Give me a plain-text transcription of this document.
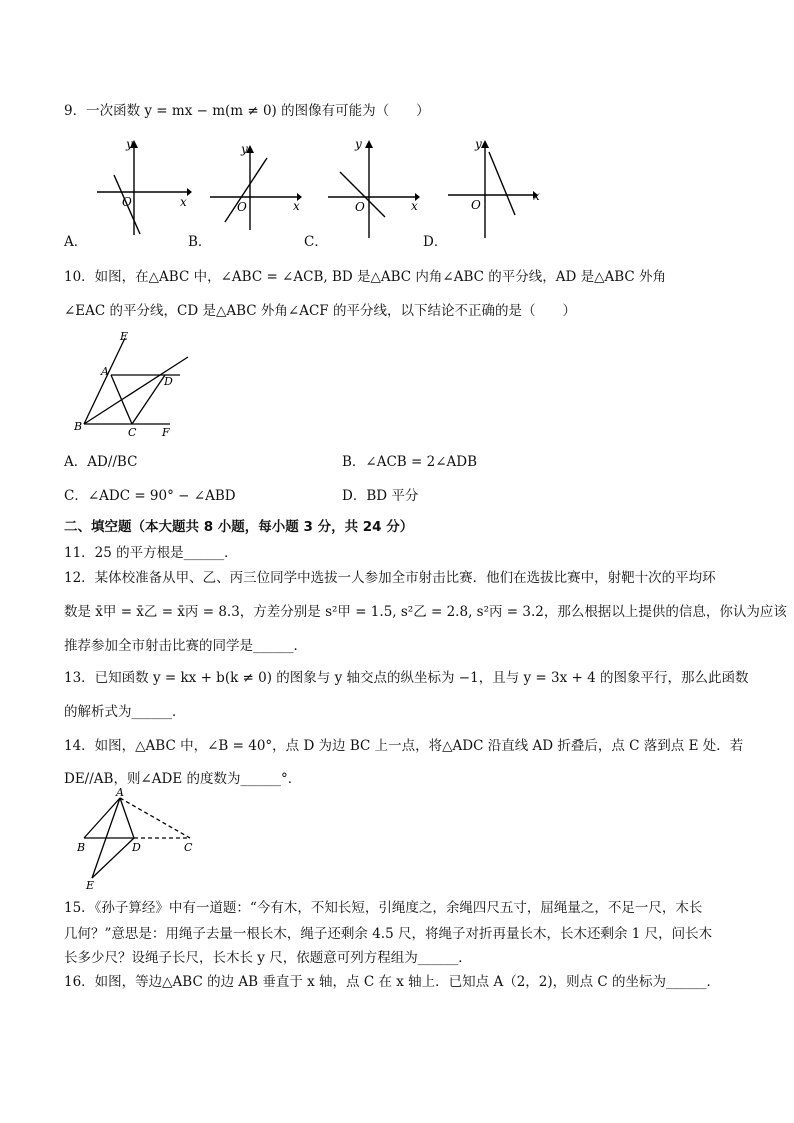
9．一次函数 y = mx − m(m ≠ 0) 的图像有可能为（　　）
y
x
O
y
x
O
y
x
O
y
x
O
A．	B．	C．	D．
10．如图，在△ABC 中，∠ABC = ∠ACB, BD 是△ABC 内角∠ABC 的平分线，AD 是△ABC 外角
∠EAC 的平分线，CD 是△ABC 外角∠ACF 的平分线，以下结论不正确的是（　　）
E
A
D
B	C F
A．AD//BC	B．∠ACB = 2∠ADB
C．∠ADC = 90° − ∠ABD	D．BD 平分
二、填空题（本大题共 8 小题，每小题 3 分，共 24 分）
11．25 的平方根是______．
12．某体校准备从甲、乙、丙三位同学中选拔一人参加全市射击比赛．他们在选拔比赛中，射靶十次的平均环
数是 x̄甲 = x̄乙 = x̄丙 = 8.3，方差分别是 s²甲 = 1.5, s²乙 = 2.8, s²丙 = 3.2，那么根据以上提供的信息，你认为应该
推荐参加全市射击比赛的同学是______．
13．已知函数 y = kx + b(k ≠ 0) 的图象与 y 轴交点的纵坐标为 −1，且与 y = 3x + 4 的图象平行，那么此函数
的解析式为______．
14．如图，△ABC 中，∠B = 40°，点 D 为边 BC 上一点，将△ADC 沿直线 AD 折叠后，点 C 落到点 E 处．若
DE//AB，则∠ADE 的度数为______°．
A
B	D	C
E
15．《孙子算经》中有一道题：“今有木，不知长短，引绳度之，余绳四尺五寸，屈绳量之，不足一尺，木长
几何？”意思是：用绳子去量一根长木，绳子还剩余 4.5 尺，将绳子对折再量长木，长木还剩余 1 尺，问长木
长多少尺？设绳子长尺，长木长 y 尺，依题意可列方程组为______．
16．如图，等边△ABC 的边 AB 垂直于 x 轴，点 C 在 x 轴上．已知点 A（2，2)，则点 C 的坐标为______．
